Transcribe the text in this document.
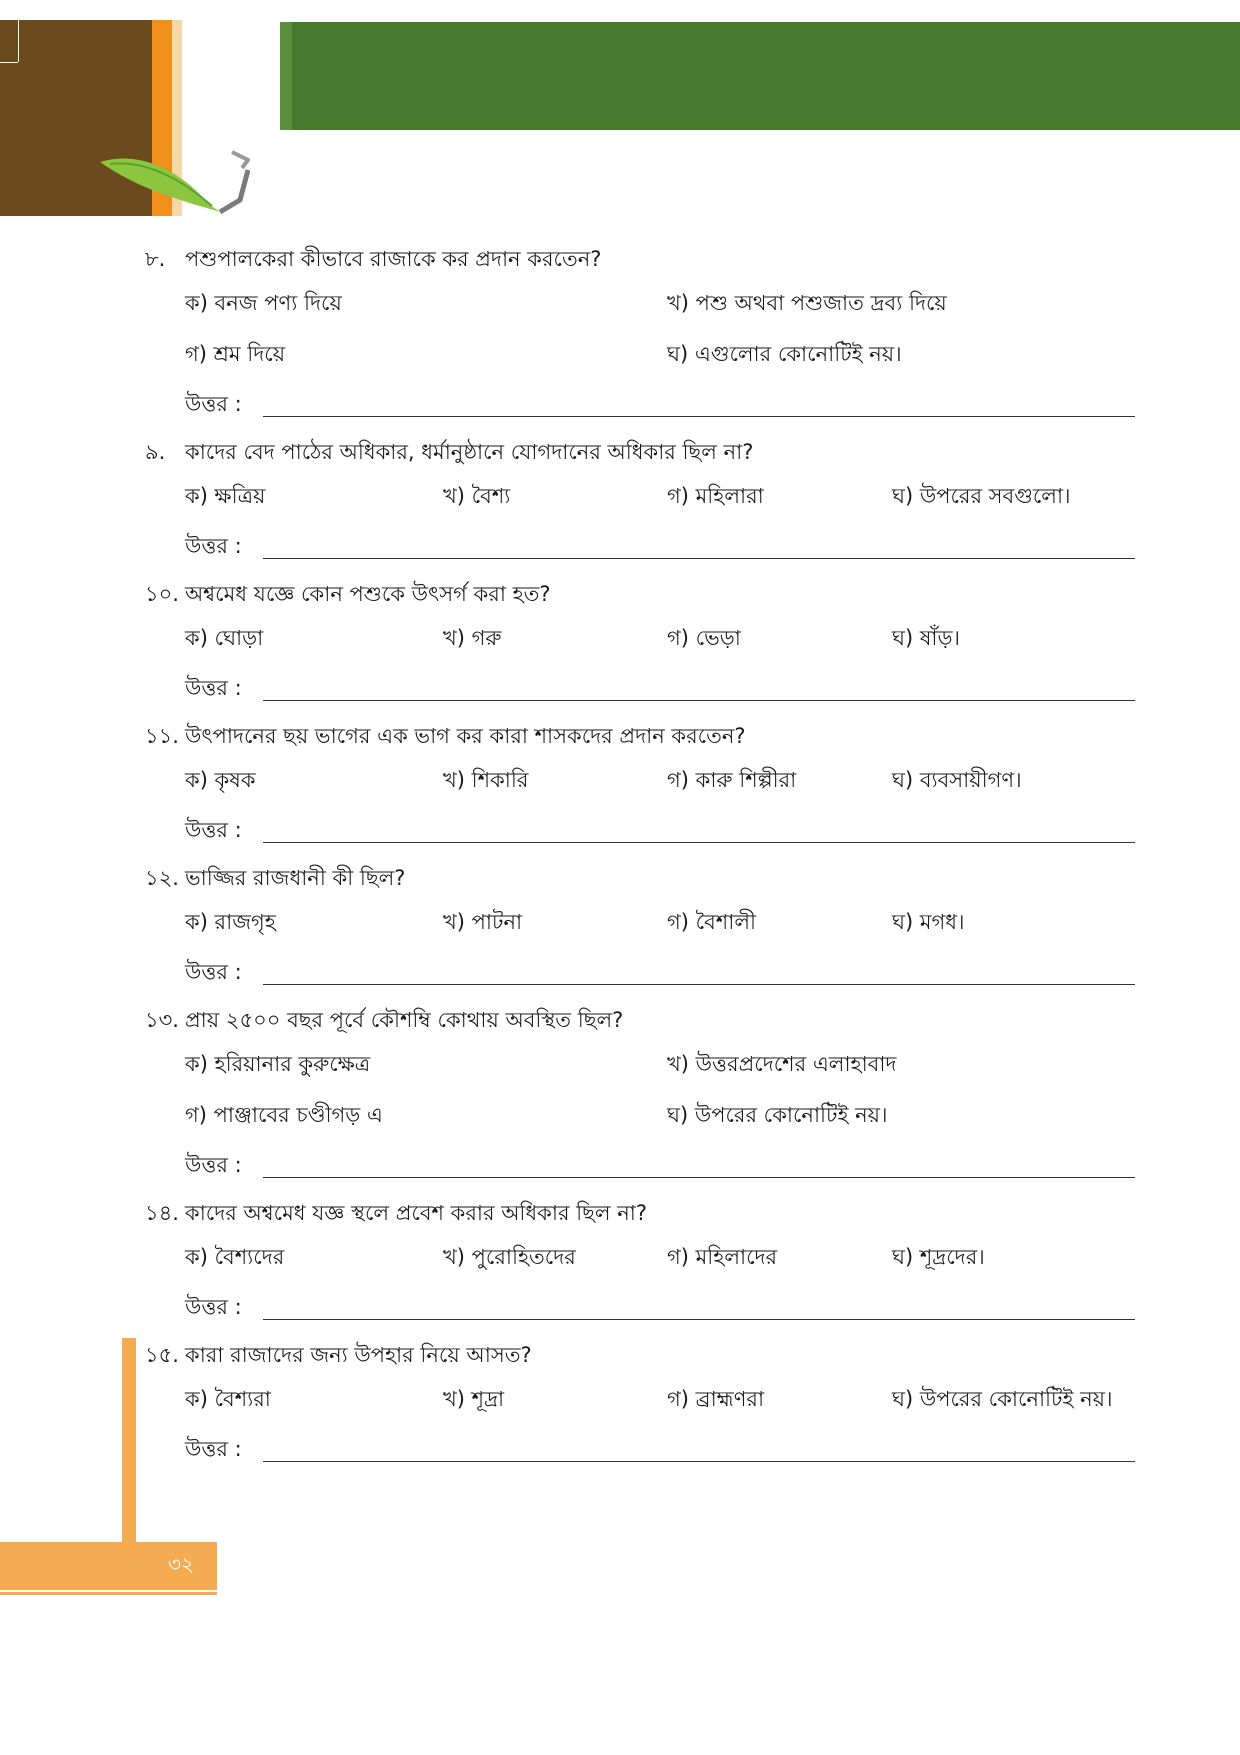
৮. পশুপালকেরা কীভাবে রাজাকে কর প্রদান করতেন?
ক) বনজ পণ্য দিয়ে	খ) পশু অথবা পশুজাত দ্রব্য দিয়ে
গ) শ্রম দিয়ে	ঘ) এগুলোর কোনোটিই নয়।
উত্তর :
৯. কাদের বেদ পাঠের অধিকার, ধর্মানুষ্ঠানে যোগদানের অধিকার ছিল না?
ক) ক্ষত্রিয়	খ) বৈশ্য	গ) মহিলারা	ঘ) উপরের সবগুলো।
উত্তর :
১০. অশ্বমেধ যজ্ঞে কোন পশুকে উৎসর্গ করা হত?
ক) ঘোড়া	খ) গরু	গ) ভেড়া	ঘ) ষাঁড়।
উত্তর :
১১. উৎপাদনের ছয় ভাগের এক ভাগ কর কারা শাসকদের প্রদান করতেন?
ক) কৃষক	খ) শিকারি	গ) কারু শিল্পীরা	ঘ) ব্যবসায়ীগণ।
উত্তর :
১২. ভাজ্জির রাজধানী কী ছিল?
ক) রাজগৃহ	খ) পাটনা	গ) বৈশালী	ঘ) মগধ।
উত্তর :
১৩. প্রায় ২৫০০ বছর পূর্বে কৌশম্বি কোথায় অবস্থিত ছিল?
ক) হরিয়ানার কুরুক্ষেত্র	খ) উত্তরপ্রদেশের এলাহাবাদ
গ) পাঞ্জাবের চণ্ডীগড় এ	ঘ) উপরের কোনোটিই নয়।
উত্তর :
১৪. কাদের অশ্বমেধ যজ্ঞ স্থলে প্রবেশ করার অধিকার ছিল না?
ক) বৈশ্যদের	খ) পুরোহিতদের	গ) মহিলাদের	ঘ) শূদ্রদের।
উত্তর :
১৫. কারা রাজাদের জন্য উপহার নিয়ে আসত?
ক) বৈশ্যরা	খ) শূদ্রা	গ) ব্রাহ্মণরা	ঘ) উপরের কোনোটিই নয়।
উত্তর :
৩২
